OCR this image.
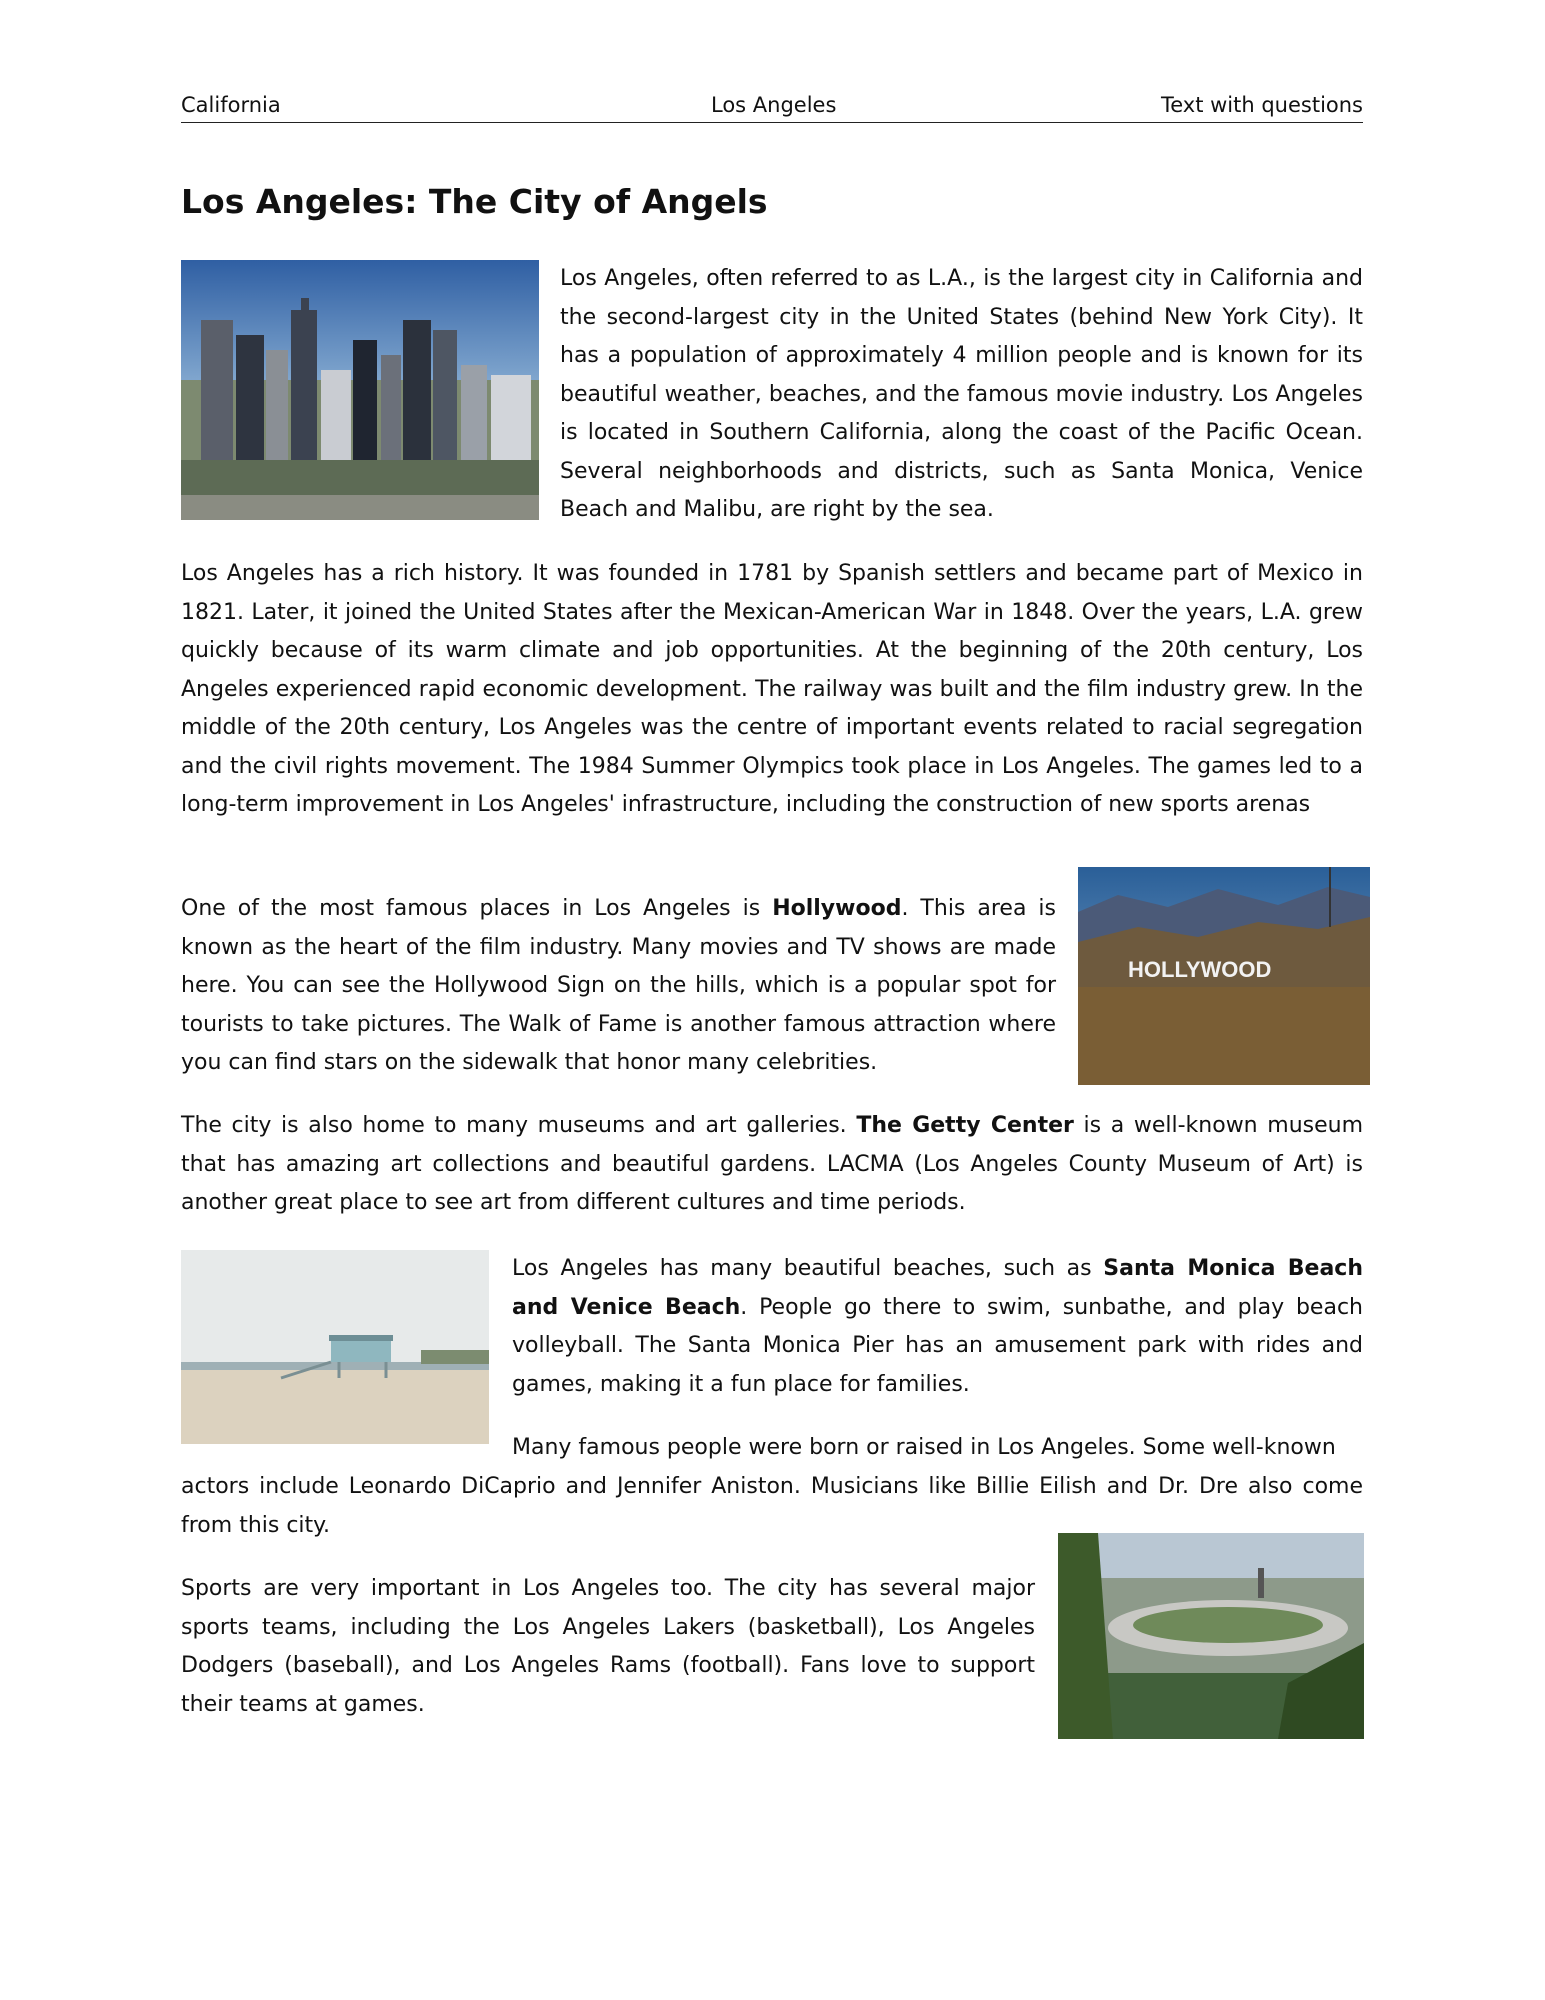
California	Los Angeles	Text with questions
Los Angeles: The City of Angels

Los Angeles, often referred to as L.A., is the largest city in California and the second-largest city in the United States (behind New York City). It has a population of approximately 4 million people and is known for its beautiful weather, beaches, and the famous movie industry. Los Angeles is located in Southern California, along the coast of the Pacific Ocean. Several neighborhoods and districts, such as Santa Monica, Venice Beach and Malibu, are right by the sea.

Los Angeles has a rich history. It was founded in 1781 by Spanish settlers and became part of Mexico in 1821. Later, it joined the United States after the Mexican-American War in 1848. Over the years, L.A. grew quickly because of its warm climate and job opportunities. At the beginning of the 20th century, Los Angeles experienced rapid economic development. The railway was built and the film industry grew. In the middle of the 20th century, Los Angeles was the centre of important events related to racial segregation and the civil rights movement. The 1984 Summer Olympics took place in Los Angeles. The games led to a long-term improvement in Los Angeles' infrastructure, including the construction of new sports arenas

One of the most famous places in Los Angeles is Hollywood. This area is known as the heart of the film industry. Many movies and TV shows are made here. You can see the Hollywood Sign on the hills, which is a popular spot for tourists to take pictures. The Walk of Fame is another famous attraction where you can find stars on the sidewalk that honor many celebrities.

HOLLYWOOD

The city is also home to many museums and art galleries. The Getty Center is a well-known museum that has amazing art collections and beautiful gardens. LACMA (Los Angeles County Museum of Art) is another great place to see art from different cultures and time periods.

Los Angeles has many beautiful beaches, such as Santa Monica Beach and Venice Beach. People go there to swim, sunbathe, and play beach volleyball. The Santa Monica Pier has an amusement park with rides and games, making it a fun place for families.

Many famous people were born or raised in Los Angeles. Some well-known

actors include Leonardo DiCaprio and Jennifer Aniston. Musicians like Billie Eilish and Dr. Dre also come from this city.

Sports are very important in Los Angeles too. The city has several major sports teams, including the Los Angeles Lakers (basketball), Los Angeles Dodgers (baseball), and Los Angeles Rams (football). Fans love to support their teams at games.
